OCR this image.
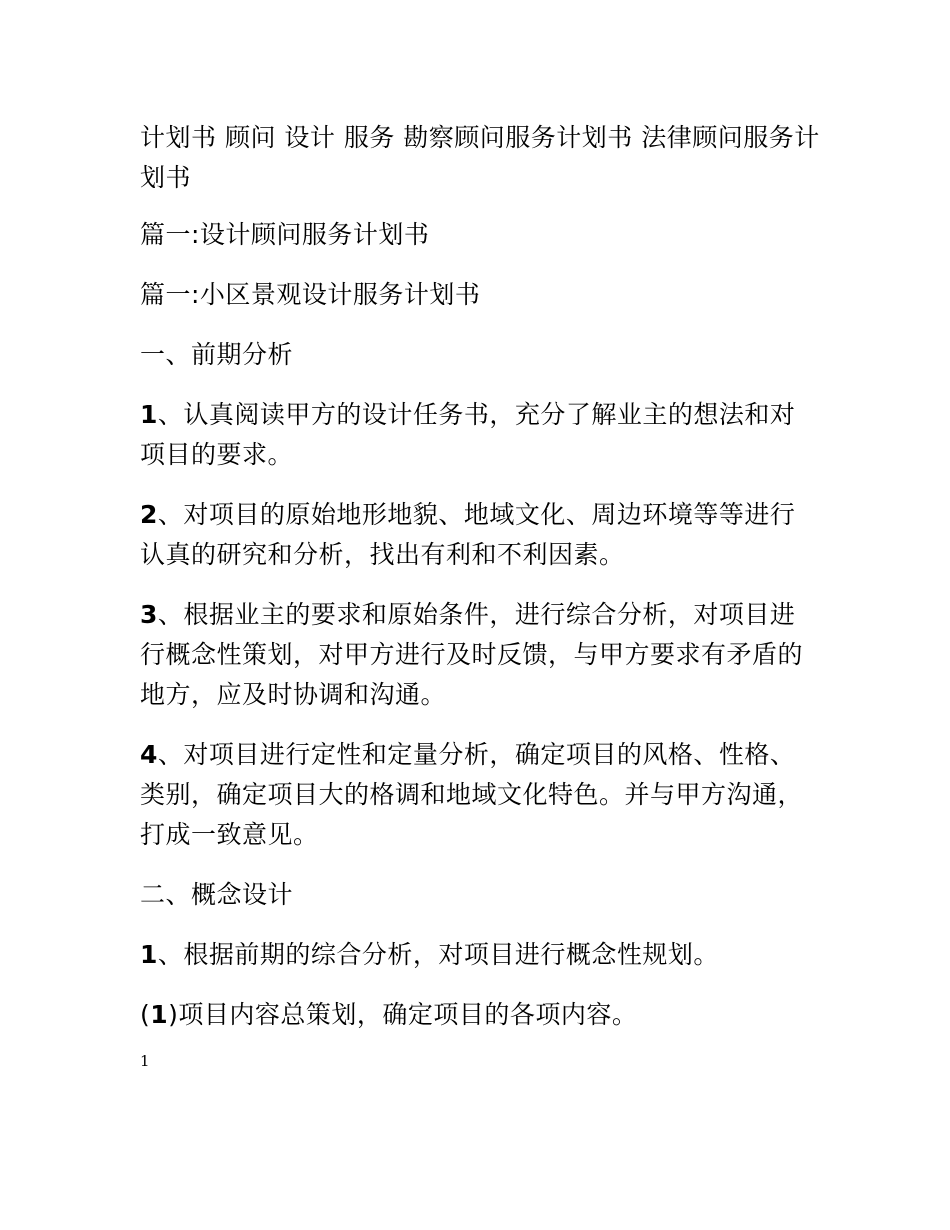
计划书 顾问 设计 服务 勘察顾问服务计划书 法律顾问服务计划书

篇一:设计顾问服务计划书

篇一:小区景观设计服务计划书

一、前期分析

1、认真阅读甲方的设计任务书，充分了解业主的想法和对项目的要求。

2、对项目的原始地形地貌、地域文化、周边环境等等进行认真的研究和分析，找出有利和不利因素。

3、根据业主的要求和原始条件，进行综合分析，对项目进行概念性策划，对甲方进行及时反馈，与甲方要求有矛盾的地方，应及时协调和沟通。

4、对项目进行定性和定量分析，确定项目的风格、性格、类别，确定项目大的格调和地域文化特色。并与甲方沟通，打成一致意见。

二、概念设计

1、根据前期的综合分析，对项目进行概念性规划。

(1)项目内容总策划，确定项目的各项内容。

1
